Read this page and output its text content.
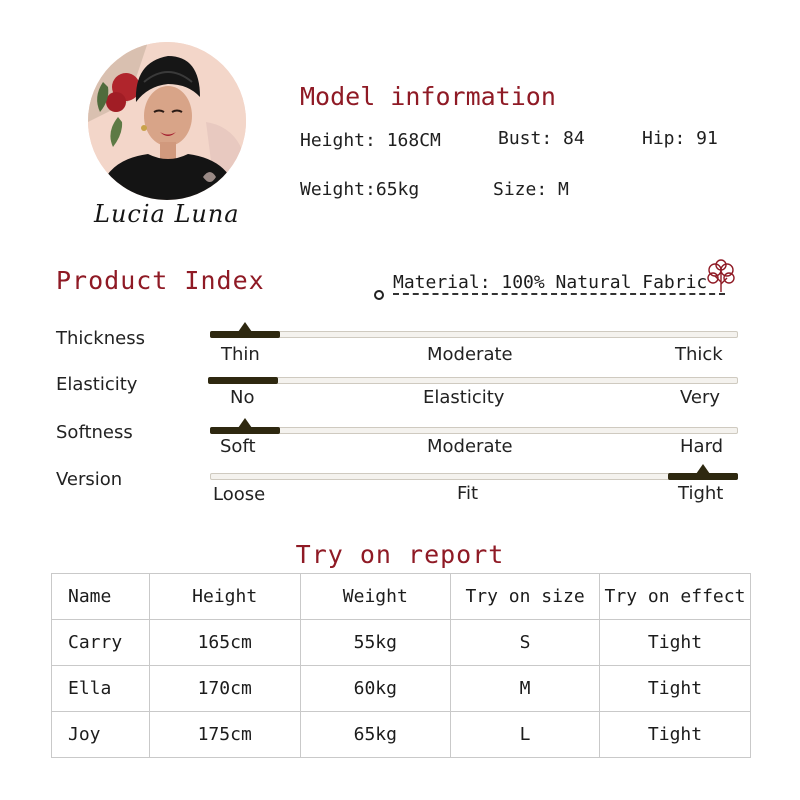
Lucia Luna
Model information
Height: 168CM	Bust: 84	Hip: 91
Weight:65kg	Size: M
Product Index	Material: 100% Natural Fabric
Thickness
Thin	Moderate	Thick
Elasticity
No	Elasticity	Very
Softness
Soft	Moderate	Hard
Version
Loose	Fit	Tight
Try on report
Name	Height	Weight	Try on size	Try on effect
Carry	165cm	55kg	S	Tight
Ella	170cm	60kg	M	Tight
Joy	175cm	65kg	L	Tight
